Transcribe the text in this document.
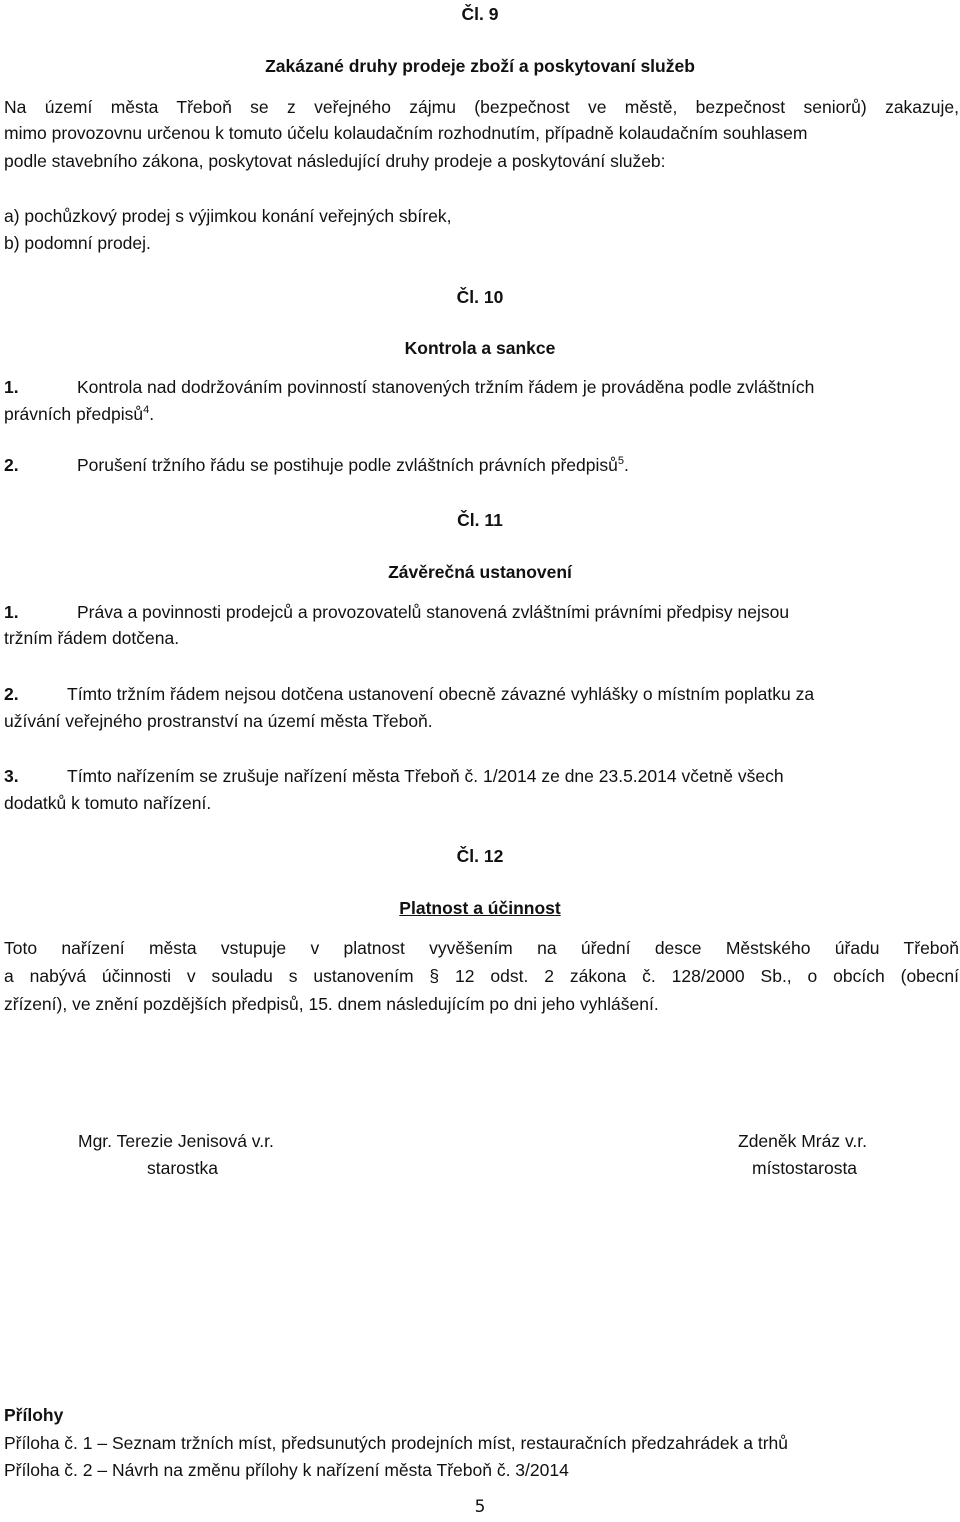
Čl. 9
Zakázané druhy prodeje zboží a poskytovaní služeb
Na území města Třeboň se z veřejného zájmu (bezpečnost ve městě, bezpečnost seniorů) zakazuje,
mimo provozovnu určenou k tomuto účelu kolaudačním rozhodnutím, případně kolaudačním souhlasem
podle stavebního zákona, poskytovat následující druhy prodeje a poskytování služeb:
a) pochůzkový prodej s výjimkou konání veřejných sbírek,
b) podomní prodej.
Čl. 10
Kontrola a sankce
1.	Kontrola nad dodržováním povinností stanovených tržním řádem je prováděna podle zvláštních
právních předpisů$^4$.
2.	Porušení tržního řádu se postihuje podle zvláštních právních předpisů$^5$.
Čl. 11
Závěrečná ustanovení
1.	Práva a povinnosti prodejců a provozovatelů stanovená zvláštními právními předpisy nejsou
tržním řádem dotčena.
2.	Tímto tržním řádem nejsou dotčena ustanovení obecně závazné vyhlášky o místním poplatku za
užívání veřejného prostranství na území města Třeboň.
3.	Tímto nařízením se zrušuje nařízení města Třeboň č. 1/2014 ze dne 23.5.2014 včetně všech
dodatků k tomuto nařízení.
Čl. 12
Platnost a účinnost
Toto nařízení města vstupuje v platnost vyvěšením na úřední desce Městského úřadu Třeboň
a nabývá účinnosti v souladu s ustanovením § 12 odst. 2 zákona č. 128/2000 Sb., o obcích (obecní
zřízení), ve znění pozdějších předpisů, 15. dnem následujícím po dni jeho vyhlášení.
Mgr. Terezie Jenisová v.r.
starostka
Zdeněk Mráz v.r.
místostarosta
Přílohy
Příloha č. 1 – Seznam tržních míst, předsunutých prodejních míst, restauračních předzahrádek a trhů
Příloha č. 2 – Návrh na změnu přílohy k nařízení města Třeboň č. 3/2014
5
